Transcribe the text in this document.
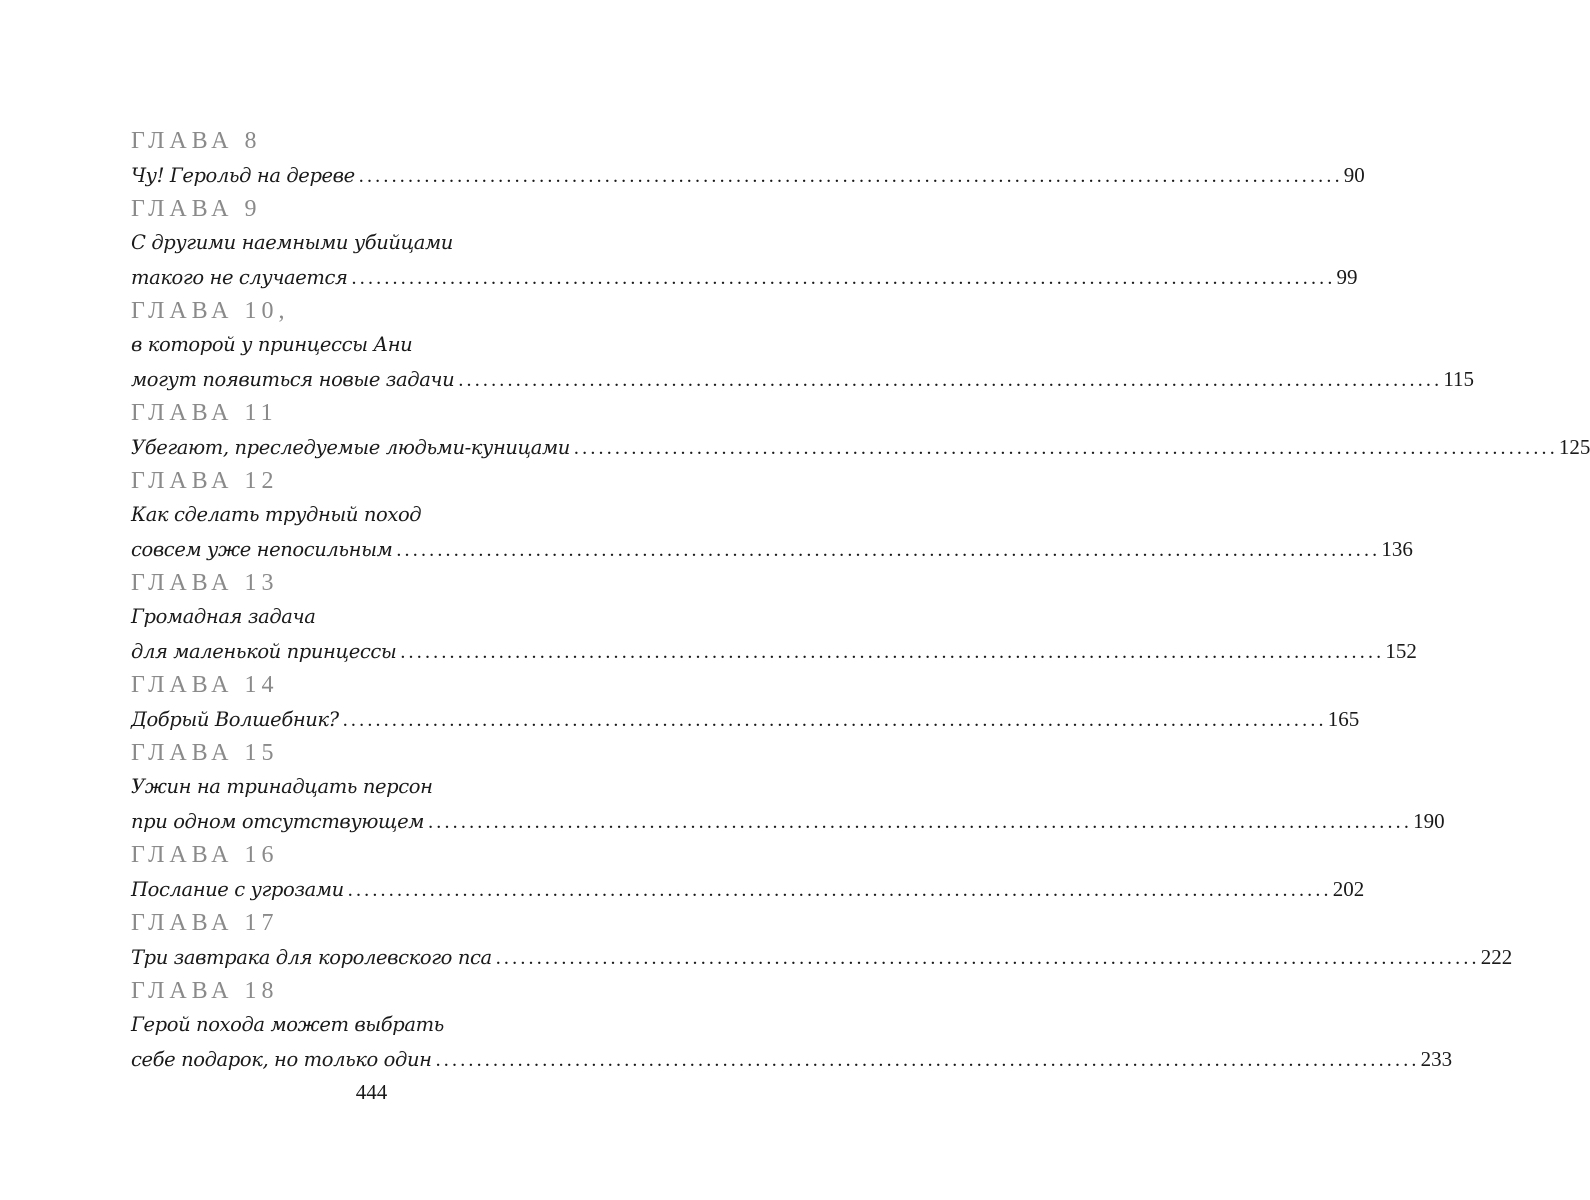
ГЛАВА 8
Чу! Герольд на дереве ........................................................................................................................ 90
ГЛАВА 9
С другими наемными убийцами
такого не случается ........................................................................................................................ 99
ГЛАВА 10,
в которой у принцессы Ани
могут появиться новые задачи ........................................................................................................................ 115
ГЛАВА 11
Убегают, преследуемые людьми-куницами ........................................................................................................................ 125
ГЛАВА 12
Как сделать трудный поход
совсем уже непосильным ........................................................................................................................ 136
ГЛАВА 13
Громадная задача
для маленькой принцессы ........................................................................................................................ 152
ГЛАВА 14
Добрый Волшебник? ........................................................................................................................ 165
ГЛАВА 15
Ужин на тринадцать персон
при одном отсутствующем ........................................................................................................................ 190
ГЛАВА 16
Послание с угрозами ........................................................................................................................ 202
ГЛАВА 17
Три завтрака для королевского пса ........................................................................................................................ 222
ГЛАВА 18
Герой похода может выбрать
себе подарок, но только один ........................................................................................................................ 233
444
